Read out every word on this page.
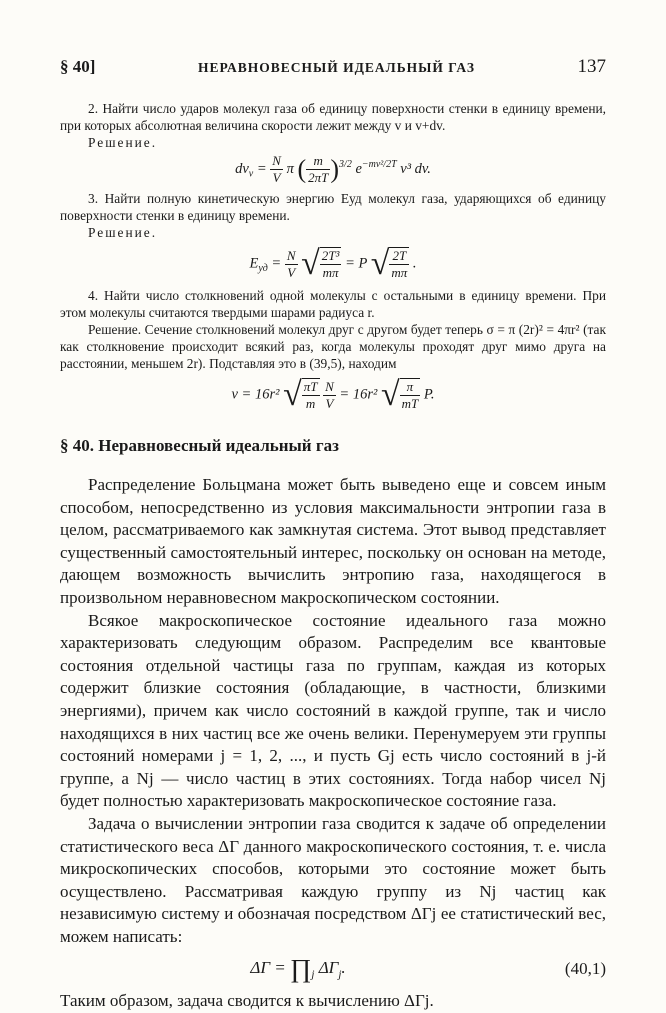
§ 40]	НЕРАВНОВЕСНЫЙ ИДЕАЛЬНЫЙ ГАЗ	137

2. Найти число ударов молекул газа об единицу поверхности стенки в единицу времени, при которых абсолютная величина скорости лежит между v и v+dv.

Решение.

$d\nu_v = \frac{N}{V}$ π ( $\frac{m}{2\pi T} )^{3/2}$ $e^{-mv^2/2T}$ v³ dv.

3. Найти полную кинетическую энергию Eуд молекул газа, ударяющихся об единицу поверхности стенки в единицу времени.

Решение.

$E_{уд} = \frac{N}{V}$ √ $\frac{\text{2T³}}{m\pi} = P$ √ $\frac{2T}{m\pi}$ .

4. Найти число столкновений одной молекулы с остальными в единицу времени. При этом молекулы считаются твердыми шарами радиуса r.

Решение. Сечение столкновений молекул друг с другом будет теперь σ = π (2r)² = 4πr² (так как столкновение происходит всякий раз, когда молекулы проходят друг мимо друга на расстоянии, меньшем 2r). Подставляя это в (39,5), находим

ν = 16r² √ $\frac{\pi T}{m}$
$\frac{N}{V} = 16r^2$ √ $\frac{\pi}{mT} P$.
§ 40. Неравновесный идеальный газ

Распределение Больцмана может быть выведено еще и совсем иным способом, непосредственно из условия максимальности энтропии газа в целом, рассматриваемого как замкнутая система. Этот вывод представляет существенный самостоятельный интерес, поскольку он основан на методе, дающем возможность вычислить энтропию газа, находящегося в произвольном неравновесном макроскопическом состоянии.

Всякое макроскопическое состояние идеального газа можно характеризовать следующим образом. Распределим все квантовые состояния отдельной частицы газа по группам, каждая из которых содержит близкие состояния (обладающие, в частности, близкими энергиями), причем как число состояний в каждой группе, так и число находящихся в них частиц все же очень велики. Перенумеруем эти группы состояний номерами j = 1, 2, ..., и пусть Gj есть число состояний в j-й группе, а Nj — число частиц в этих состояниях. Тогда набор чисел Nj будет полностью характеризовать макроскопическое состояние газа.

Задача о вычислении энтропии газа сводится к задаче об определении статистического веса ΔΓ данного макроскопического состояния, т. е. числа микроскопических способов, которыми это состояние может быть осуществлено. Рассматривая каждую группу из Nj частиц как независимую систему и обозначая посредством ΔΓj ее статистический вес, можем написать:

$\Delta\Gamma = \prod_j$ $\Delta\Gamma_j$.	(40,1)

Таким образом, задача сводится к вычислению ΔΓj.
